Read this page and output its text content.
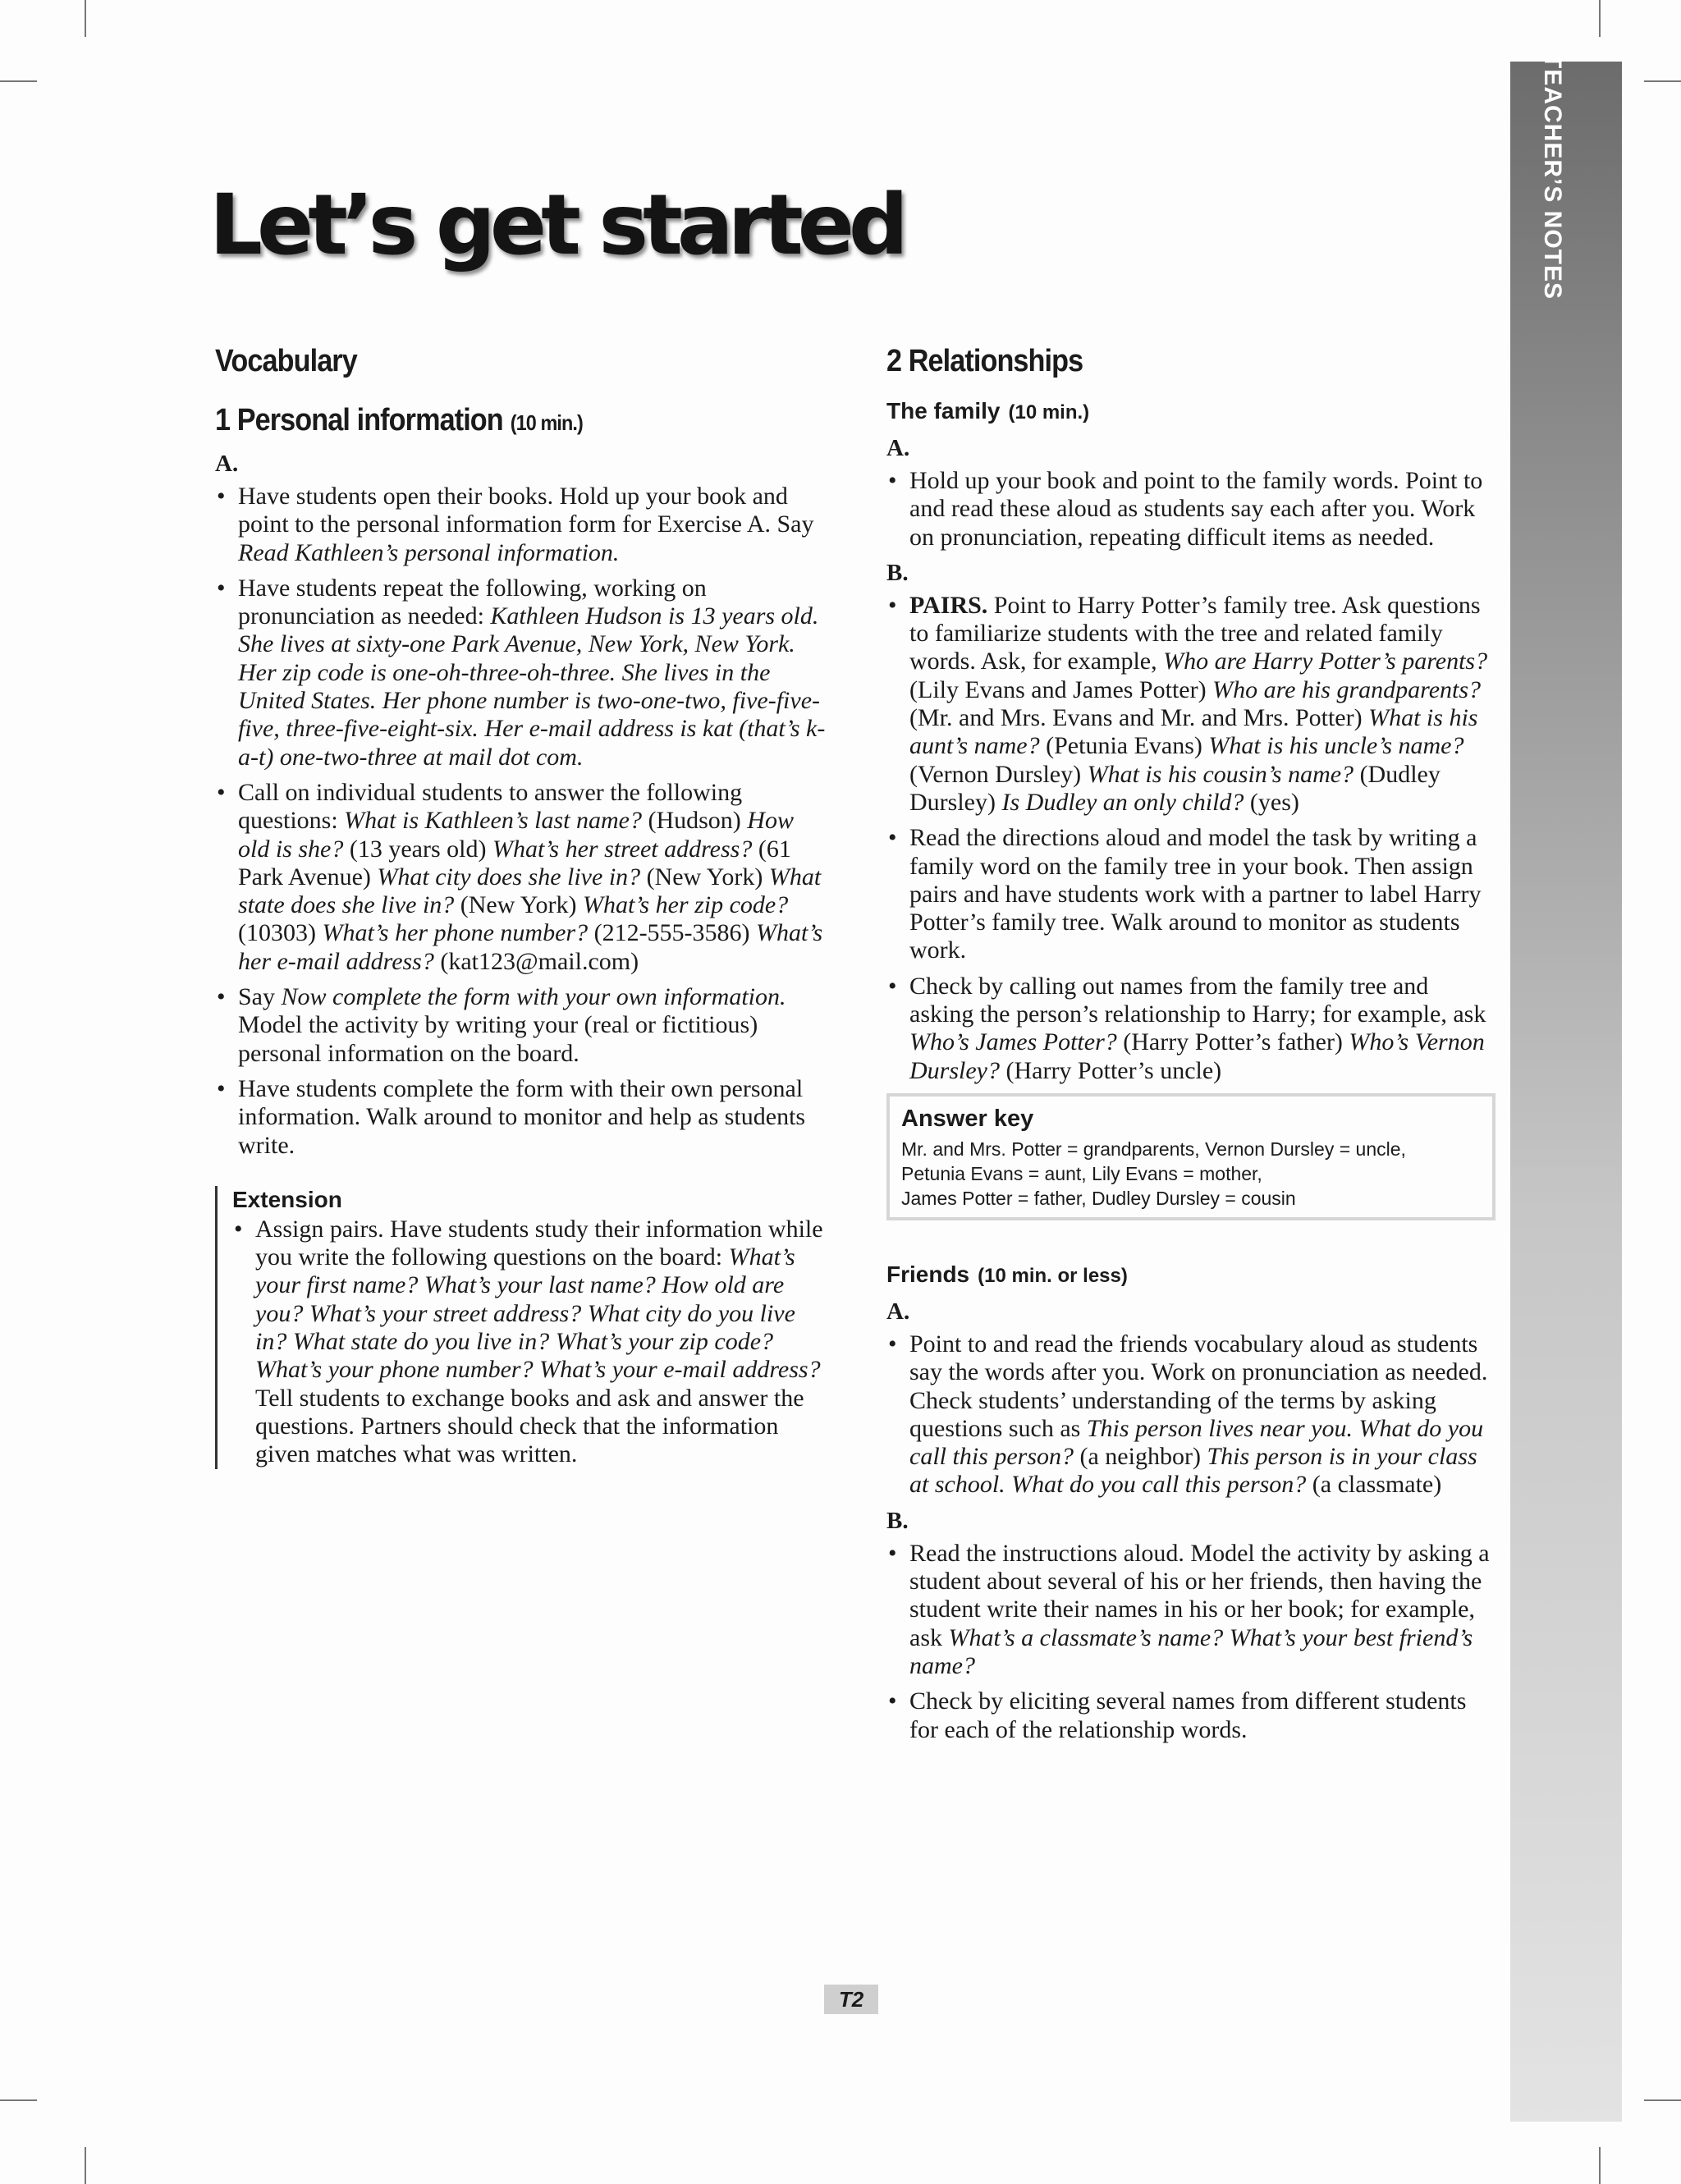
TEACHER’S NOTES
Let’s get started
Vocabulary
1 Personal information (10 min.)
A.
• Have students open their books. Hold up your book and point to the personal information form for Exercise A. Say Read Kathleen’s personal information.
• Have students repeat the following, working on pronunciation as needed: Kathleen Hudson is 13 years old. She lives at sixty-one Park Avenue, New York, New York. Her zip code is one-oh-three-oh-three. She lives in the United States. Her phone number is two-one-two, five-five-five, three-five-eight-six. Her e-mail address is kat (that’s k-a-t) one-two-three at mail dot com.
• Call on individual students to answer the following questions: What is Kathleen’s last name? (Hudson) How old is she? (13 years old) What’s her street address? (61 Park Avenue) What city does she live in? (New York) What state does she live in? (New York) What’s her zip code? (10303) What’s her phone number? (212-555-3586) What’s her e-mail address? (kat123@mail.com)
• Say Now complete the form with your own information. Model the activity by writing your (real or fictitious) personal information on the board.
• Have students complete the form with their own personal information. Walk around to monitor and help as students write.
Extension
• Assign pairs. Have students study their information while you write the following questions on the board: What’s your first name? What’s your last name? How old are you? What’s your street address? What city do you live in? What state do you live in? What’s your zip code? What’s your phone number? What’s your e-mail address? Tell students to exchange books and ask and answer the questions. Partners should check that the information given matches what was written.
2 Relationships
The family (10 min.)
A.
• Hold up your book and point to the family words. Point to and read these aloud as students say each after you. Work on pronunciation, repeating difficult items as needed.
B.
• PAIRS. Point to Harry Potter’s family tree. Ask questions to familiarize students with the tree and related family words. Ask, for example, Who are Harry Potter’s parents? (Lily Evans and James Potter) Who are his grandparents? (Mr. and Mrs. Evans and Mr. and Mrs. Potter) What is his aunt’s name? (Petunia Evans) What is his uncle’s name? (Vernon Dursley) What is his cousin’s name? (Dudley Dursley) Is Dudley an only child? (yes)
• Read the directions aloud and model the task by writing a family word on the family tree in your book. Then assign pairs and have students work with a partner to label Harry Potter’s family tree. Walk around to monitor as students work.
• Check by calling out names from the family tree and asking the person’s relationship to Harry; for example, ask Who’s James Potter? (Harry Potter’s father) Who’s Vernon Dursley? (Harry Potter’s uncle)
Answer key
Mr. and Mrs. Potter = grandparents, Vernon Dursley = uncle,
Petunia Evans = aunt, Lily Evans = mother,
James Potter = father, Dudley Dursley = cousin
Friends (10 min. or less)
A.
• Point to and read the friends vocabulary aloud as students say the words after you. Work on pronunciation as needed. Check students’ understanding of the terms by asking questions such as This person lives near you. What do you call this person? (a neighbor) This person is in your class at school. What do you call this person? (a classmate)
B.
• Read the instructions aloud. Model the activity by asking a student about several of his or her friends, then having the student write their names in his or her book; for example, ask What’s a classmate’s name? What’s your best friend’s name?
• Check by eliciting several names from different students for each of the relationship words.
T2
